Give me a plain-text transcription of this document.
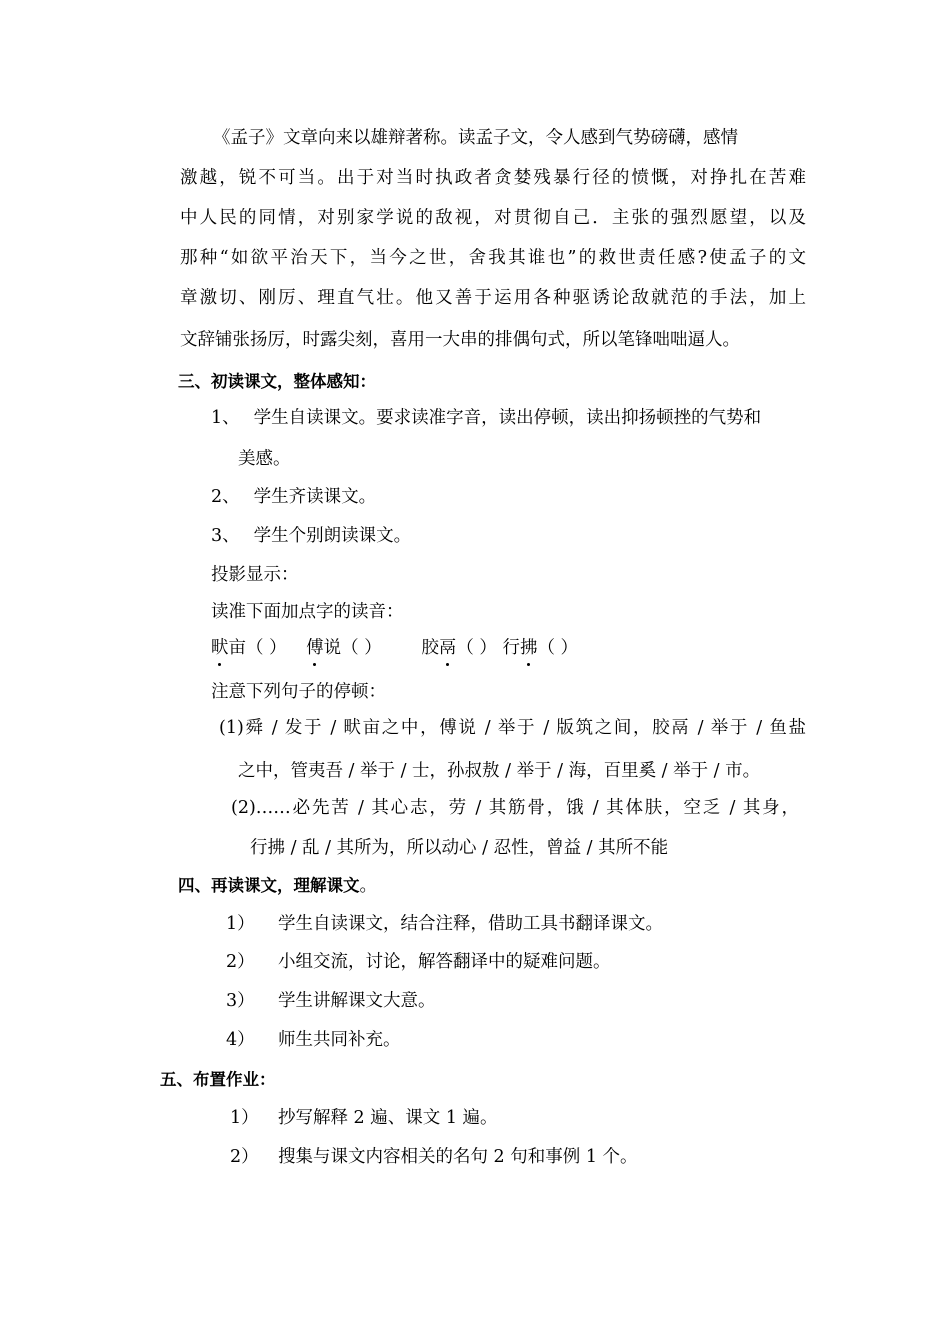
《孟子》文章向来以雄辩著称。读孟子文，令人感到气势磅礴，感情
激越，锐不可当。出于对当时执政者贪婪残暴行径的愤慨，对挣扎在苦难
中人民的同情，对别家学说的敌视，对贯彻自己．主张的强烈愿望，以及
那种“如欲平治天下，当今之世，舍我其谁也”的救世责任感?使孟子的文
章激切、刚厉、理直气壮。他又善于运用各种驱诱论敌就范的手法，加上
文辞铺张扬厉，时露尖刻，喜用一大串的排偶句式，所以笔锋咄咄逼人。
三、初读课文，整体感知：
1、 学生自读课文。要求读准字音，读出停顿，读出抑扬顿挫的气势和
美感。
2、 学生齐读课文。
3、 学生个别朗读课文。
投影显示：
读准下面加点字的读音：
畎亩（ ） 傅说（ ） 胶鬲（ ） 行拂（ ）
注意下列句子的停顿：
(1)舜 / 发于 / 畎亩之中，傅说 / 举于 / 版筑之间，胶鬲 / 举于 / 鱼盐
之中，管夷吾 / 举于 / 士，孙叔敖 / 举于 / 海，百里奚 / 举于 / 市。
(2)……必先苦 / 其心志，劳 / 其筋骨，饿 / 其体肤，空乏 / 其身，
行拂 / 乱 / 其所为，所以动心 / 忍性，曾益 / 其所不能
四、再读课文，理解课文。
1） 学生自读课文，结合注释，借助工具书翻译课文。
2） 小组交流，讨论，解答翻译中的疑难问题。
3） 学生讲解课文大意。
4） 师生共同补充。
五、布置作业：
1） 抄写解释 2 遍、课文 1 遍。
2） 搜集与课文内容相关的名句 2 句和事例 1 个。
